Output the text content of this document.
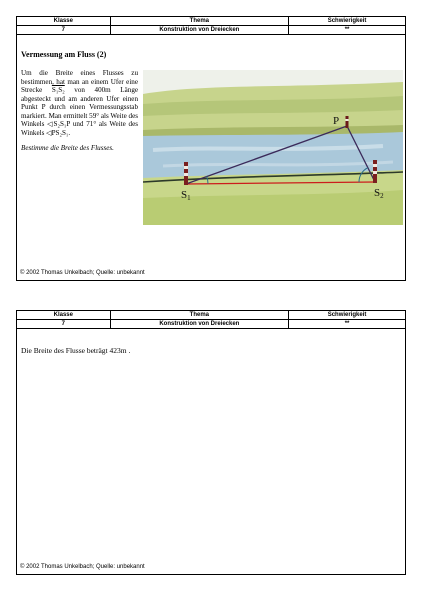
Klasse	Thema	Schwierigkeit
7	Konstruktion von Dreiecken	**
Vermessung am Fluss (2)

Um die Breite eines Flusses zu bestimmen, hat man an einem Ufer eine Strecke S₁S₂ von 400m Länge abgesteckt und am anderen Ufer einen Punkt P durch einen Vermessungsstab markiert. Man ermittelt 59° als Weite des Winkels ◁S₂S₁P und 71° als Weite des Winkels ◁PS₂S₁.

Bestimme die Breite des Flusses.

P
S1	S2
© 2002 Thomas Unkelbach; Quelle: unbekannt
Klasse	Thema	Schwierigkeit
7	Konstruktion von Dreiecken	**
Die Breite des Flusse beträgt 423m .
© 2002 Thomas Unkelbach; Quelle: unbekannt
